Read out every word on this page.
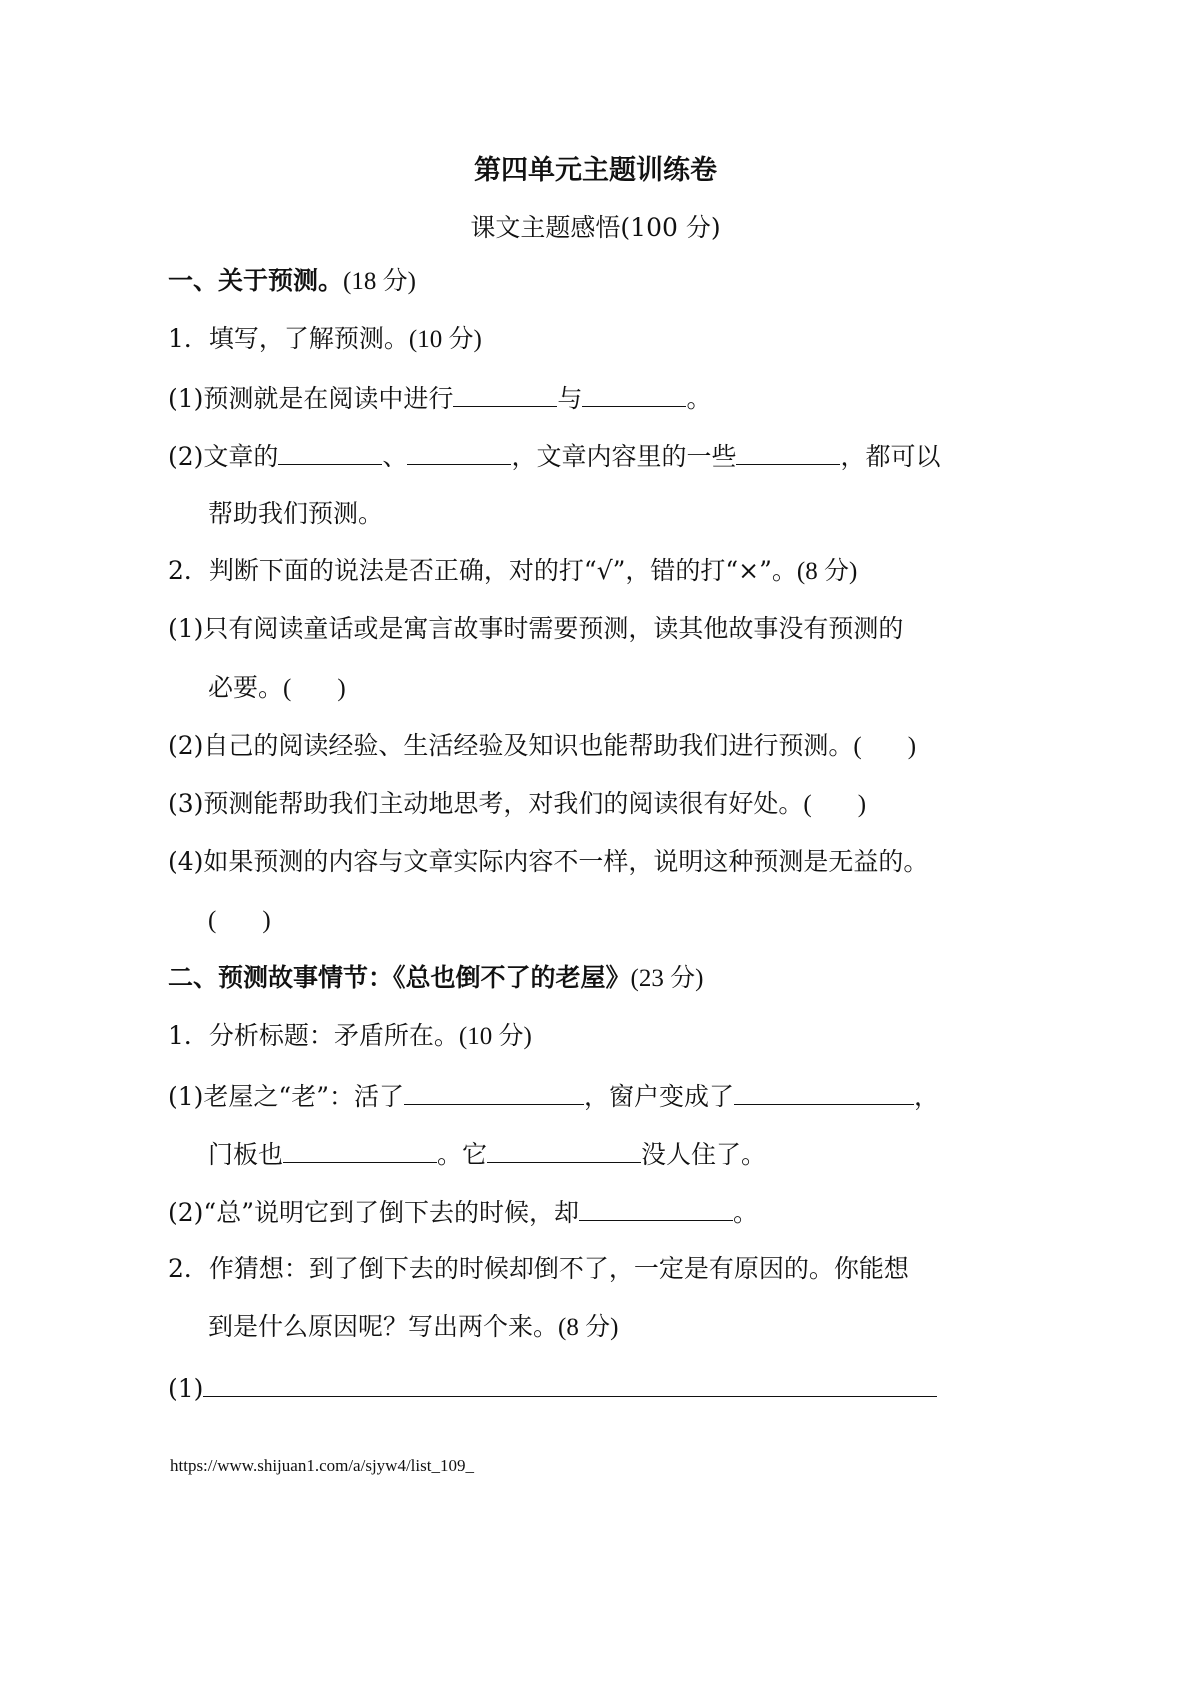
第四单元主题训练卷
课文主题感悟(100 分)
一、关于预测。(18 分)
1．填写，了解预测。(10 分)
(1)预测就是在阅读中进行	与	。
(2)文章的	、	，文章内容里的一些	，都可以
帮助我们预测。
2．判断下面的说法是否正确，对的打“√”，错的打“×”。(8 分)
(1)只有阅读童话或是寓言故事时需要预测，读其他故事没有预测的
必要。( )
(2)自己的阅读经验、生活经验及知识也能帮助我们进行预测。( )
(3)预测能帮助我们主动地思考，对我们的阅读很有好处。( )
(4)如果预测的内容与文章实际内容不一样，说明这种预测是无益的。
( )
二、预测故事情节：《总也倒不了的老屋》(23 分)
1．分析标题：矛盾所在。(10 分)
(1)老屋之“老”：活了	，窗户变成了	，
门板也	。它	没人住了。
(2)“总”说明它到了倒下去的时候，却	。
2．作猜想：到了倒下去的时候却倒不了，一定是有原因的。你能想
到是什么原因呢？写出两个来。(8 分)
(1)
https://www.shijuan1.com/a/sjyw4/list_109_
